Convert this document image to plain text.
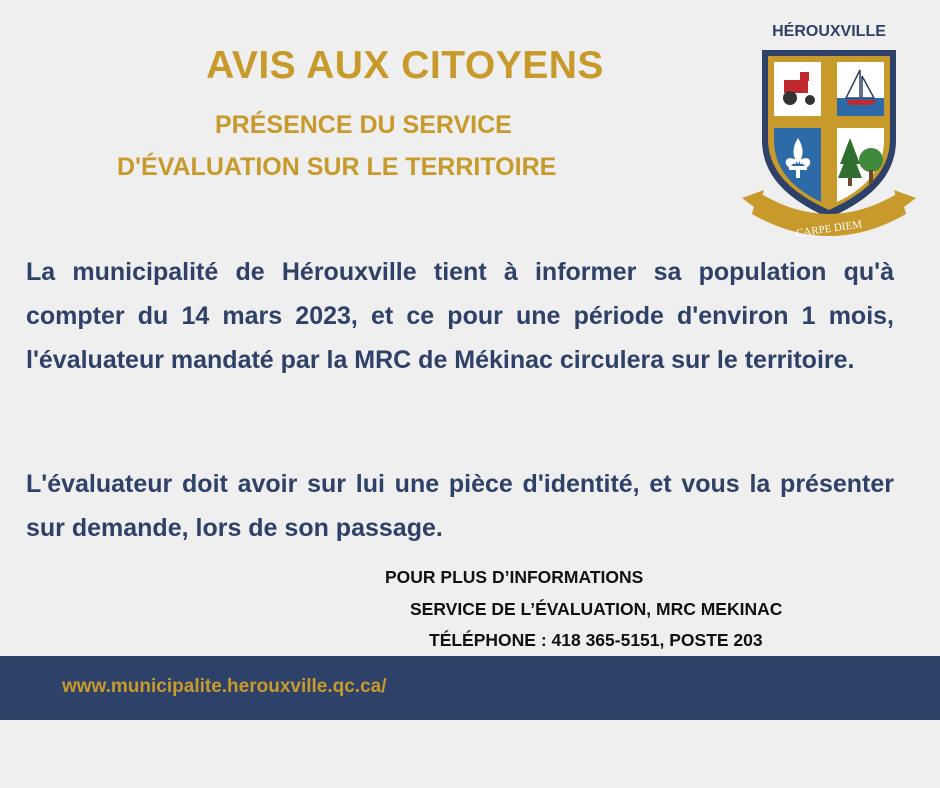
AVIS AUX CITOYENS
PRÉSENCE DU SERVICE
D'ÉVALUATION SUR LE TERRITOIRE
HÉROUXVILLE
CARPE DIEM
La municipalité de Hérouxville tient à informer sa population qu'à compter du 14 mars 2023, et ce pour une période d'environ 1 mois, l'évaluateur mandaté par la MRC de Mékinac circulera sur le territoire.
L'évaluateur doit avoir sur lui une pièce d'identité, et vous la présenter sur demande, lors de son passage.
POUR PLUS D’INFORMATIONS
SERVICE DE L’ÉVALUATION, MRC MEKINAC
TÉLÉPHONE : 418 365-5151, POSTE 203
www.municipalite.herouxville.qc.ca/
